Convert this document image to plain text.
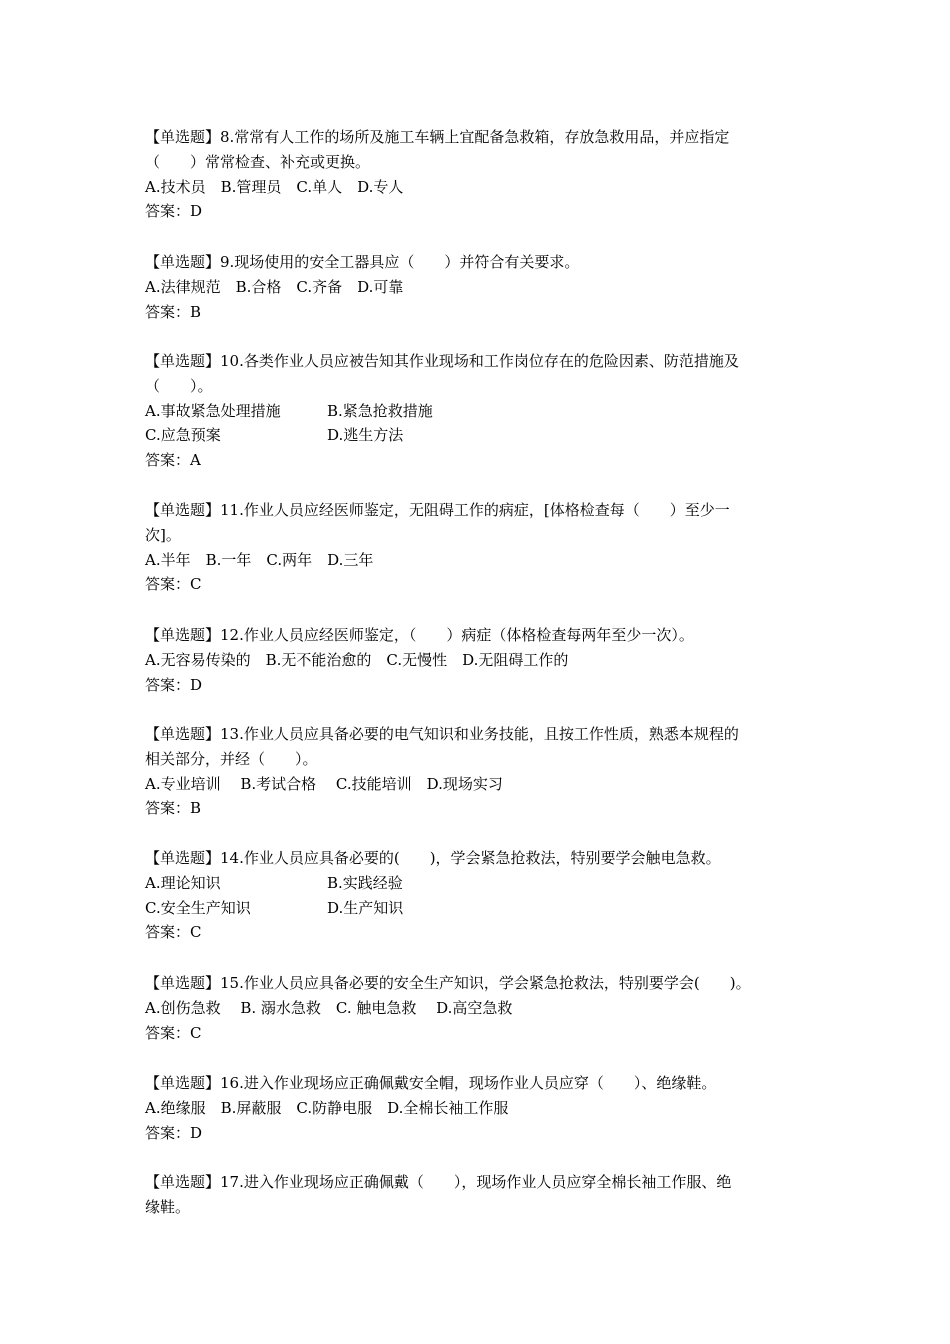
【单选题】8.常常有人工作的场所及施工车辆上宜配备急救箱，存放急救用品，并应指定
（　　）常常检查、补充或更换。
A.技术员　B.管理员　C.单人　D.专人
答案：D
【单选题】9.现场使用的安全工器具应（　　）并符合有关要求。
A.法律规范　B.合格　C.齐备　D.可靠
答案：B
【单选题】10.各类作业人员应被告知其作业现场和工作岗位存在的危险因素、防范措施及
（　　）。
A.事故紧急处理措施	B.紧急抢救措施
C.应急预案	D.逃生方法
答案：A
【单选题】11.作业人员应经医师鉴定，无阻碍工作的病症，[体格检查每（　　）至少一
次]。
A.半年　B.一年　C.两年　D.三年
答案：C
【单选题】12.作业人员应经医师鉴定，（　　）病症（体格检查每两年至少一次）。
A.无容易传染的　B.无不能治愈的　C.无慢性　D.无阻碍工作的
答案：D
【单选题】13.作业人员应具备必要的电气知识和业务技能，且按工作性质，熟悉本规程的
相关部分，并经（　　）。
A.专业培训　 B.考试合格　 C.技能培训　D.现场实习
答案：B
【单选题】14.作业人员应具备必要的(　　)，学会紧急抢救法，特别要学会触电急救。
A.理论知识	B.实践经验
C.安全生产知识	D.生产知识
答案：C
【单选题】15.作业人员应具备必要的安全生产知识，学会紧急抢救法，特别要学会(　　)。
A.创伤急救　 B. 溺水急救　C. 触电急救　 D.高空急救
答案：C
【单选题】16.进入作业现场应正确佩戴安全帽，现场作业人员应穿（　　）、绝缘鞋。
A.绝缘服　B.屏蔽服　C.防静电服　D.全棉长袖工作服
答案：D
【单选题】17.进入作业现场应正确佩戴（　　），现场作业人员应穿全棉长袖工作服、绝
缘鞋。
